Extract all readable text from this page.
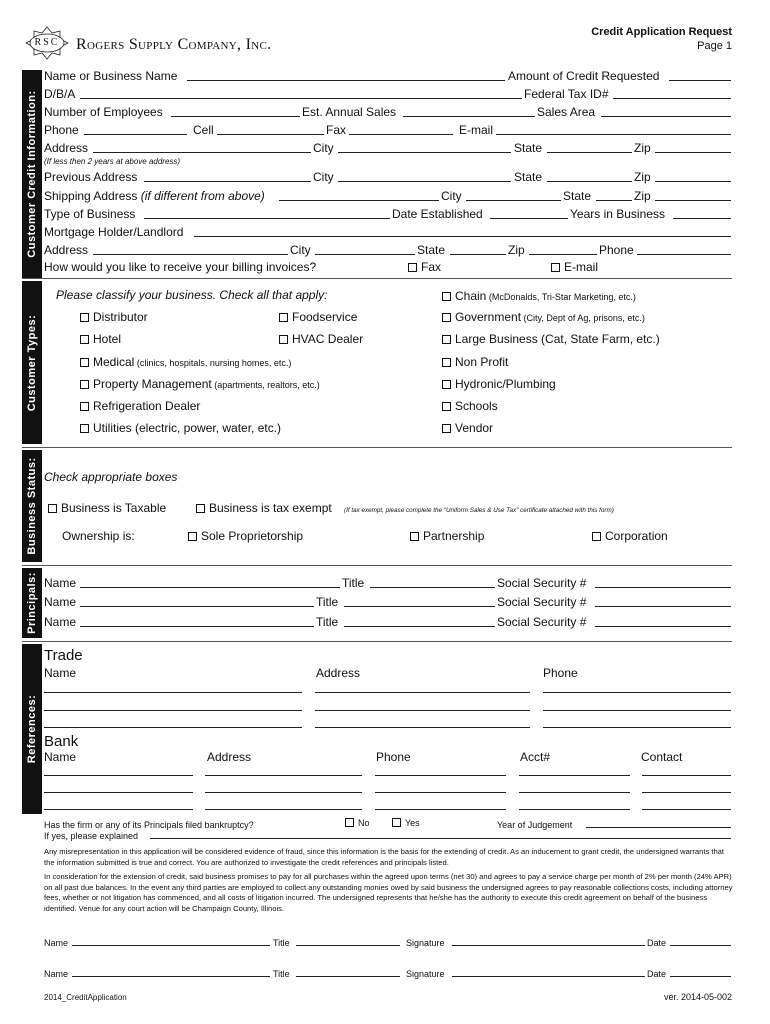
RSC	Rogers Supply Company, Inc.
Credit Application Request
Page 1
Customer Credit Information:
Name or Business Name	Amount of Credit Requested
D/B/A	Federal Tax ID#
Number of Employees	Est. Annual Sales	Sales Area
Phone	Cell	Fax	E-mail
Address	City	State	Zip
(If less then 2 years at above address)
Previous Address	City	State	Zip
Shipping Address (if different from above)	City	State	Zip
Type of Business	Date Established	Years in Business
Mortgage Holder/Landlord
Address	City	State	Zip	Phone
How would you like to receive your billing invoices?	Fax	E-mail
Customer Types:
Please classify your business. Check all that apply:
Distributor	Foodservice
Hotel	HVAC Dealer
Medical (clinics, hospitals, nursing homes, etc.)
Property Management (apartments, realtors, etc.)
Refrigeration Dealer
Utilities (electric, power, water, etc.)
Chain (McDonalds, Tri-Star Marketing, etc.)
Government (City, Dept of Ag, prisons, etc.)
Large Business (Cat, State Farm, etc.)
Non Profit
Hydronic/Plumbing
Schools
Vendor
Business Status: Check appropriate boxes
Business is Taxable	Business is tax exempt (If tax exempt, please complete the "Uniform Sales & Use Tax" certificate attached with this form)
Ownership is:	Sole Proprietorship	Partnership	Corporation
Principals: Name	Title	Social Security #
Name	Title	Social Security #
Name	Title	Social Security #
References:
Trade
Name	Address	Phone
Bank
Name	Address	Phone	Acct#	Contact
Has the firm or any of its Principals filed bankruptcy?	No	Yes	Year of Judgement
If yes, please explained
Any misrepresentation in this application will be considered evidence of fraud, since this information is the basis for the extending of credit. As an inducement to grant credit, the undersigned warrants that the information submitted is true and correct. You are authorized to investigate the credit references and principals listed.
In consideration for the extension of credit, said business promises to pay for all purchases within the agreed upon terms (net 30) and agrees to pay a service charge per month of 2% per month (24% APR) on all past due balances. In the event any third parties are employed to collect any outstanding monies owed by said business the undersigned agrees to pay reasonable collections costs, including attorney fees, whether or not litigation has commenced, and all costs of litigation incurred. The undersigned represents that he/she has the authority to execute this credit agreement on behalf of the business identified. Venue for any court action will be Champaign County, Illinois.
Name	Title	Signature	Date
Name	Title	Signature	Date
2014_CreditApplication	ver. 2014-05-002
